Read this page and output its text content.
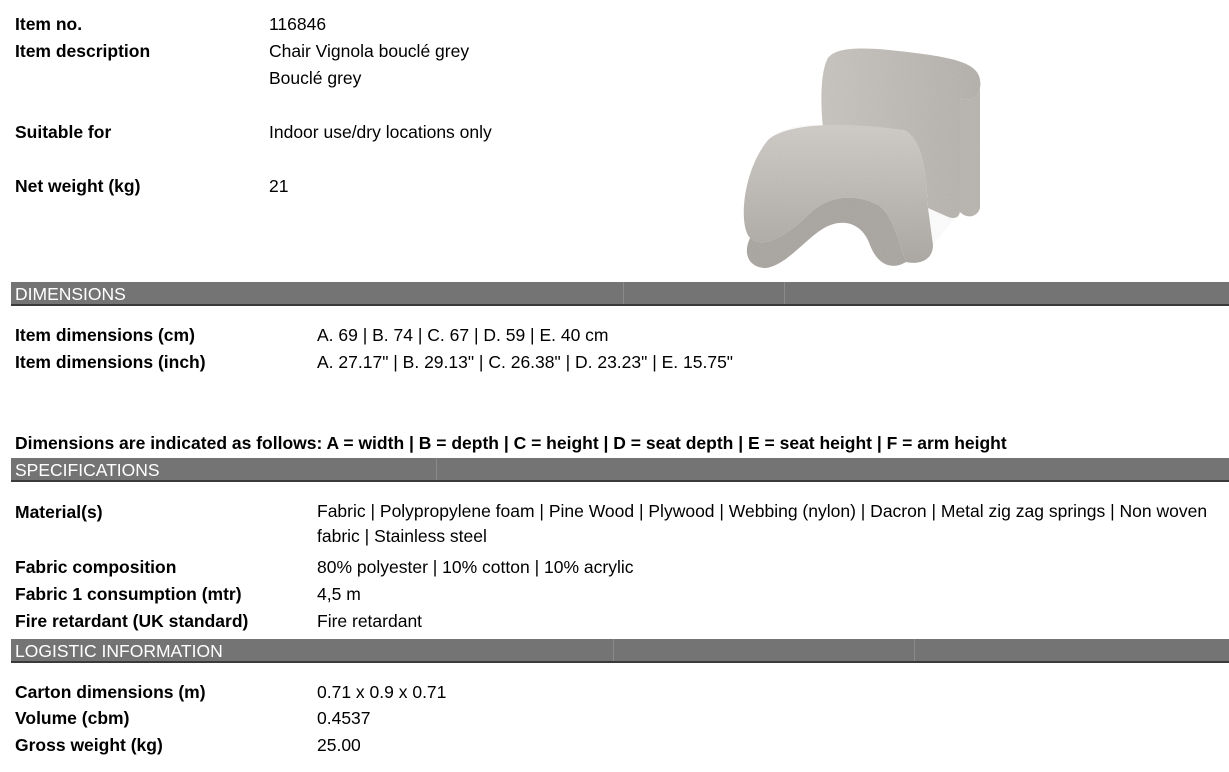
Item no.	116846
Item description	Chair Vignola bouclé grey
Bouclé grey
Suitable for	Indoor use/dry locations only
Net weight (kg)	21
DIMENSIONS
Item dimensions (cm)	A. 69 | B. 74 | C. 67 | D. 59 | E. 40 cm
Item dimensions (inch)	A. 27.17" | B. 29.13" | C. 26.38" | D. 23.23" | E. 15.75"
Dimensions are indicated as follows: A = width | B = depth | C = height | D = seat depth | E = seat height | F = arm height
SPECIFICATIONS
Material(s)	Fabric | Polypropylene foam | Pine Wood | Plywood | Webbing (nylon) | Dacron | Metal zig zag springs | Non woven fabric | Stainless steel
Fabric composition	80% polyester | 10% cotton | 10% acrylic
Fabric 1 consumption (mtr)	4,5 m
Fire retardant (UK standard)	Fire retardant
LOGISTIC INFORMATION
Carton dimensions (m)	0.71 x 0.9 x 0.71
Volume (cbm)	0.4537
Gross weight (kg)	25.00
